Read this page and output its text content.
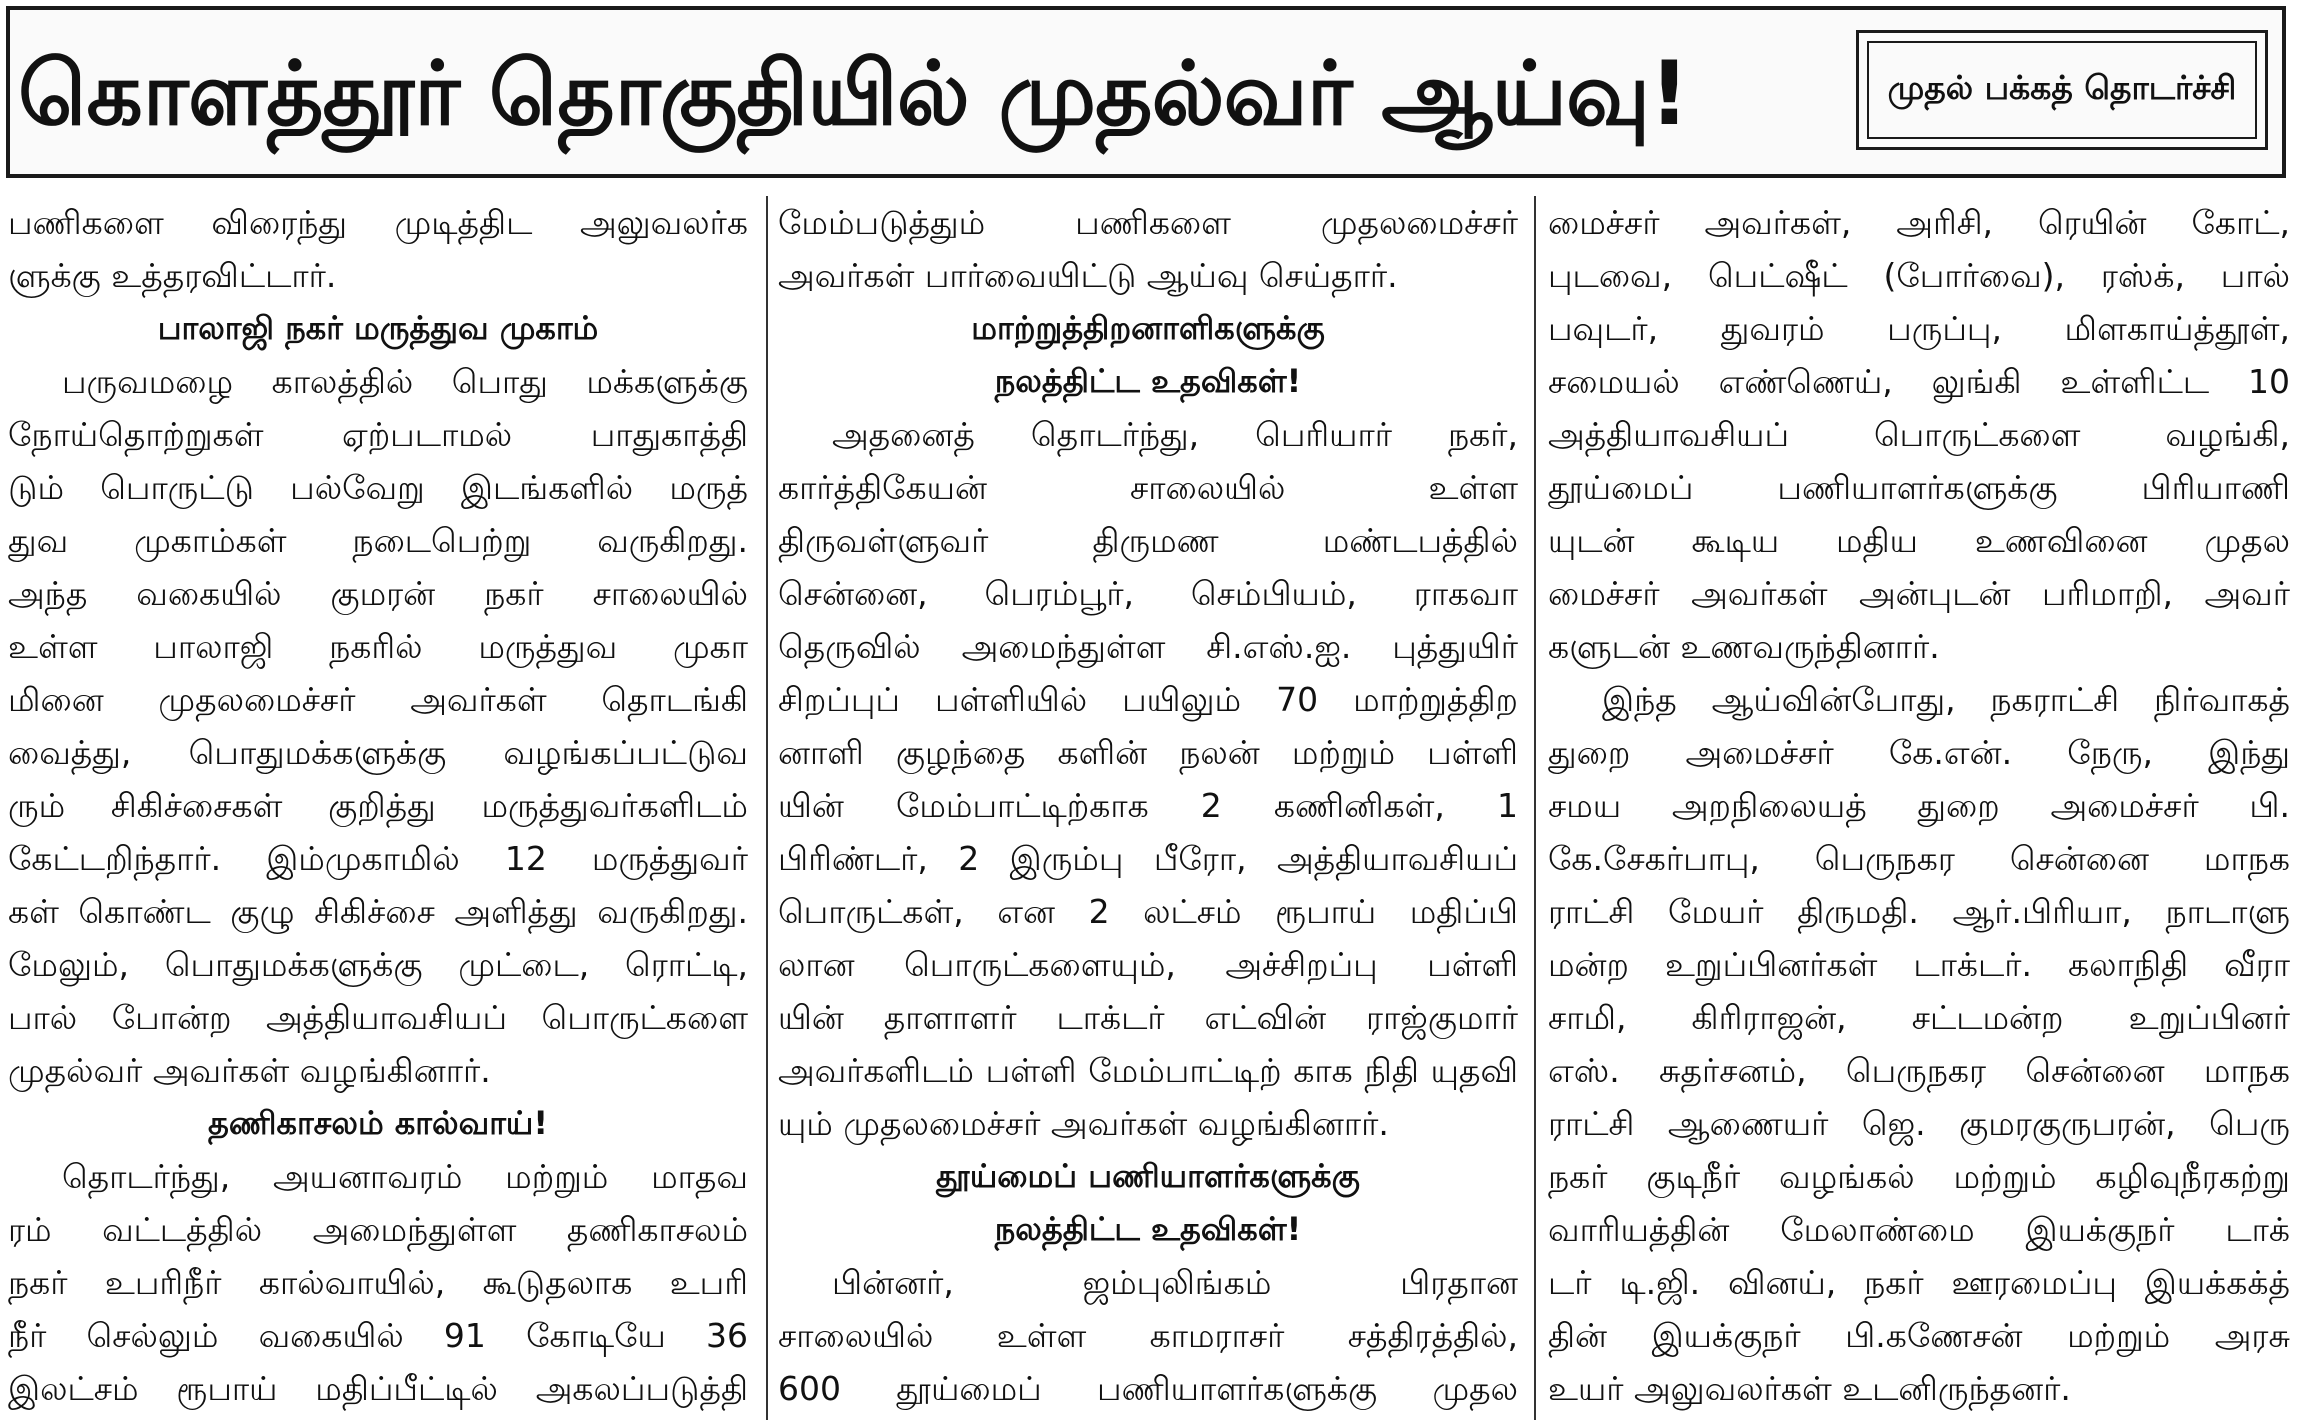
கொளத்தூர் தொகுதியில் முதல்வர் ஆய்வு!	முதல் பக்கத் தொடர்ச்சி
பணிகளை விரைந்து முடித்திட அலுவலர்க
ளுக்கு உத்தரவிட்டார்.
பாலாஜி நகர் மருத்துவ முகாம்
பருவமழை காலத்தில் பொது மக்களுக்கு
நோய்தொற்றுகள் ஏற்படாமல் பாதுகாத்தி
டும் பொருட்டு பல்வேறு இடங்களில் மருத்
துவ முகாம்கள் நடைபெற்று வருகிறது.
அந்த வகையில் குமரன் நகர் சாலையில்
உள்ள பாலாஜி நகரில் மருத்துவ முகா
மினை முதலமைச்சர் அவர்கள் தொடங்கி
வைத்து, பொதுமக்களுக்கு வழங்கப்பட்டுவ
ரும் சிகிச்சைகள் குறித்து மருத்துவர்களிடம்
கேட்டறிந்தார். இம்முகாமில் 12 மருத்துவர்
கள் கொண்ட குழு சிகிச்சை அளித்து வருகிறது.
மேலும், பொதுமக்களுக்கு முட்டை, ரொட்டி,
பால் போன்ற அத்தியாவசியப் பொருட்களை
முதல்வர் அவர்கள் வழங்கினார்.
தணிகாசலம் கால்வாய்!
தொடர்ந்து, அயனாவரம் மற்றும் மாதவ
ரம் வட்டத்தில் அமைந்துள்ள தணிகாசலம்
நகர் உபரிநீர் கால்வாயில், கூடுதலாக உபரி
நீர் செல்லும் வகையில் 91 கோடியே 36
இலட்சம் ரூபாய் மதிப்பீட்டில் அகலப்படுத்தி
மேம்படுத்தும் பணிகளை முதலமைச்சர்
அவர்கள் பார்வையிட்டு ஆய்வு செய்தார்.
மாற்றுத்திறனாளிகளுக்கு
நலத்திட்ட உதவிகள்!
அதனைத் தொடர்ந்து, பெரியார் நகர்,
கார்த்திகேயன் சாலையில் உள்ள
திருவள்ளுவர் திருமண மண்டபத்தில்
சென்னை, பெரம்பூர், செம்பியம், ராகவா
தெருவில் அமைந்துள்ள சி.எஸ்.ஐ. புத்துயிர்
சிறப்புப் பள்ளியில் பயிலும் 70 மாற்றுத்திற
னாளி குழந்தை களின் நலன் மற்றும் பள்ளி
யின் மேம்பாட்டிற்காக 2 கணினிகள், 1
பிரிண்டர், 2 இரும்பு பீரோ, அத்தியாவசியப்
பொருட்கள், என 2 லட்சம் ரூபாய் மதிப்பி
லான பொருட்களையும், அச்சிறப்பு பள்ளி
யின் தாளாளர் டாக்டர் எட்வின் ராஜ்குமார்
அவர்களிடம் பள்ளி மேம்பாட்டிற் காக நிதி யுதவி
யும் முதலமைச்சர் அவர்கள் வழங்கினார்.
தூய்மைப் பணியாளர்களுக்கு
நலத்திட்ட உதவிகள்!
பின்னர், ஜம்புலிங்கம் பிரதான
சாலையில் உள்ள காமராசர் சத்திரத்தில்,
600 தூய்மைப் பணியாளர்களுக்கு முதல
மைச்சர் அவர்கள், அரிசி, ரெயின் கோட்,
புடவை, பெட்ஷீட் (போர்வை), ரஸ்க், பால்
பவுடர், துவரம் பருப்பு, மிளகாய்த்தூள்,
சமையல் எண்ணெய், லுங்கி உள்ளிட்ட 10
அத்தியாவசியப் பொருட்களை வழங்கி,
தூய்மைப் பணியாளர்களுக்கு பிரியாணி
யுடன் கூடிய மதிய உணவினை முதல
மைச்சர் அவர்கள் அன்புடன் பரிமாறி, அவர்
களுடன் உணவருந்தினார்.
இந்த ஆய்வின்போது, நகராட்சி நிர்வாகத்
துறை அமைச்சர் கே.என். நேரு, இந்து
சமய அறநிலையத் துறை அமைச்சர் பி.
கே.சேகர்பாபு, பெருநகர சென்னை மாநக
ராட்சி மேயர் திருமதி. ஆர்.பிரியா, நாடாளு
மன்ற உறுப்பினர்கள் டாக்டர். கலாநிதி வீரா
சாமி, கிரிராஜன், சட்டமன்ற உறுப்பினர்
எஸ். சுதர்சனம், பெருநகர சென்னை மாநக
ராட்சி ஆணையர் ஜெ. குமரகுருபரன், பெரு
நகர் குடிநீர் வழங்கல் மற்றும் கழிவுநீரகற்று
வாரியத்தின் மேலாண்மை இயக்குநர் டாக்
டர் டி.ஜி. வினய், நகர் ஊரமைப்பு இயக்கக்த்
தின் இயக்குநர் பி.கணேசன் மற்றும் அரசு
உயர் அலுவலர்கள் உடனிருந்தனர்.
